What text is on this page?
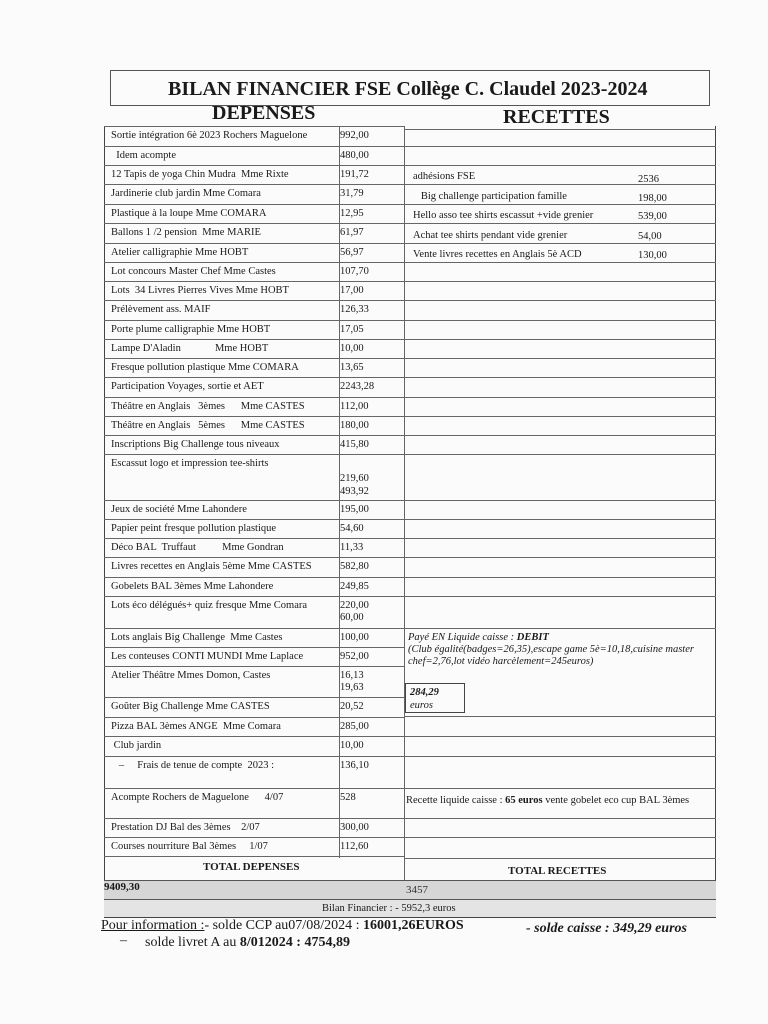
BILAN FINANCIER FSE Collège C. Claudel 2023-2024
DEPENSES	RECETTES
Sortie intégration 6è 2023 Rochers Maguelone	992,00
Idem acompte	480,00
12 Tapis de yoga Chin Mudra  Mme Rixte	191,72
Jardinerie club jardin Mme Comara	31,79
Plastique à la loupe Mme COMARA	12,95
Ballons 1 /2 pension  Mme MARIE	61,97
Atelier calligraphie Mme HOBT	56,97
Lot concours Master Chef Mme Castes	107,70
Lots  34 Livres Pierres Vives Mme HOBT	17,00
Prélèvement ass. MAIF	126,33
Porte plume calligraphie Mme HOBT	17,05
Lampe D'Aladin             Mme HOBT	10,00
Fresque pollution plastique Mme COMARA	13,65
Participation Voyages, sortie et AET	2243,28
Théâtre en Anglais   3èmes      Mme CASTES	112,00
Théâtre en Anglais   5èmes      Mme CASTES	180,00
Inscriptions Big Challenge tous niveaux	415,80
Escassut logo et impression tee-shirts
219,60
493,92
Jeux de société Mme Lahondere	195,00
Papier peint fresque pollution plastique	54,60
Déco BAL  Truffaut          Mme Gondran	11,33
Livres recettes en Anglais 5ème Mme CASTES	582,80
Gobelets BAL 3èmes Mme Lahondere	249,85
Lots éco délégués+ quiz fresque Mme Comara	220,00
60,00
Lots anglais Big Challenge  Mme Castes	100,00
Les conteuses CONTI MUNDI Mme Laplace	952,00
Atelier Théâtre Mmes Domon, Castes	16,13
19,63
Goûter Big Challenge Mme CASTES	20,52
Pizza BAL 3èmes ANGE  Mme Comara	285,00
Club jardin	10,00
–     Frais de tenue de compte  2023 :	136,10
Acompte Rochers de Maguelone      4/07	528
Prestation DJ Bal des 3èmes    2/07	300,00
Courses nourriture Bal 3èmes     1/07	112,60
adhésions FSE	2536
Big challenge participation famille	198,00
Hello asso tee shirts escassut +vide grenier	539,00
Achat tee shirts pendant vide grenier	54,00
Vente livres recettes en Anglais 5è ACD	130,00
Payé EN Liquide caisse : DEBIT
(Club égalité(badges=26,35),escape game 5è=10,18,cuisine master chef=2,76,lot vidéo harcèlement=245euros)
284,29
euros
Recette liquide caisse : 65 euros vente gobelet eco cup BAL 3èmes
TOTAL DEPENSES	TOTAL RECETTES
9409,30	3457
Bilan Financier : - 5952,3 euros
Pour information :- solde CCP au07/08/2024 : 16001,26EUROS	- solde caisse : 349,29 euros
– solde livret A au 8/012024 : 4754,89
